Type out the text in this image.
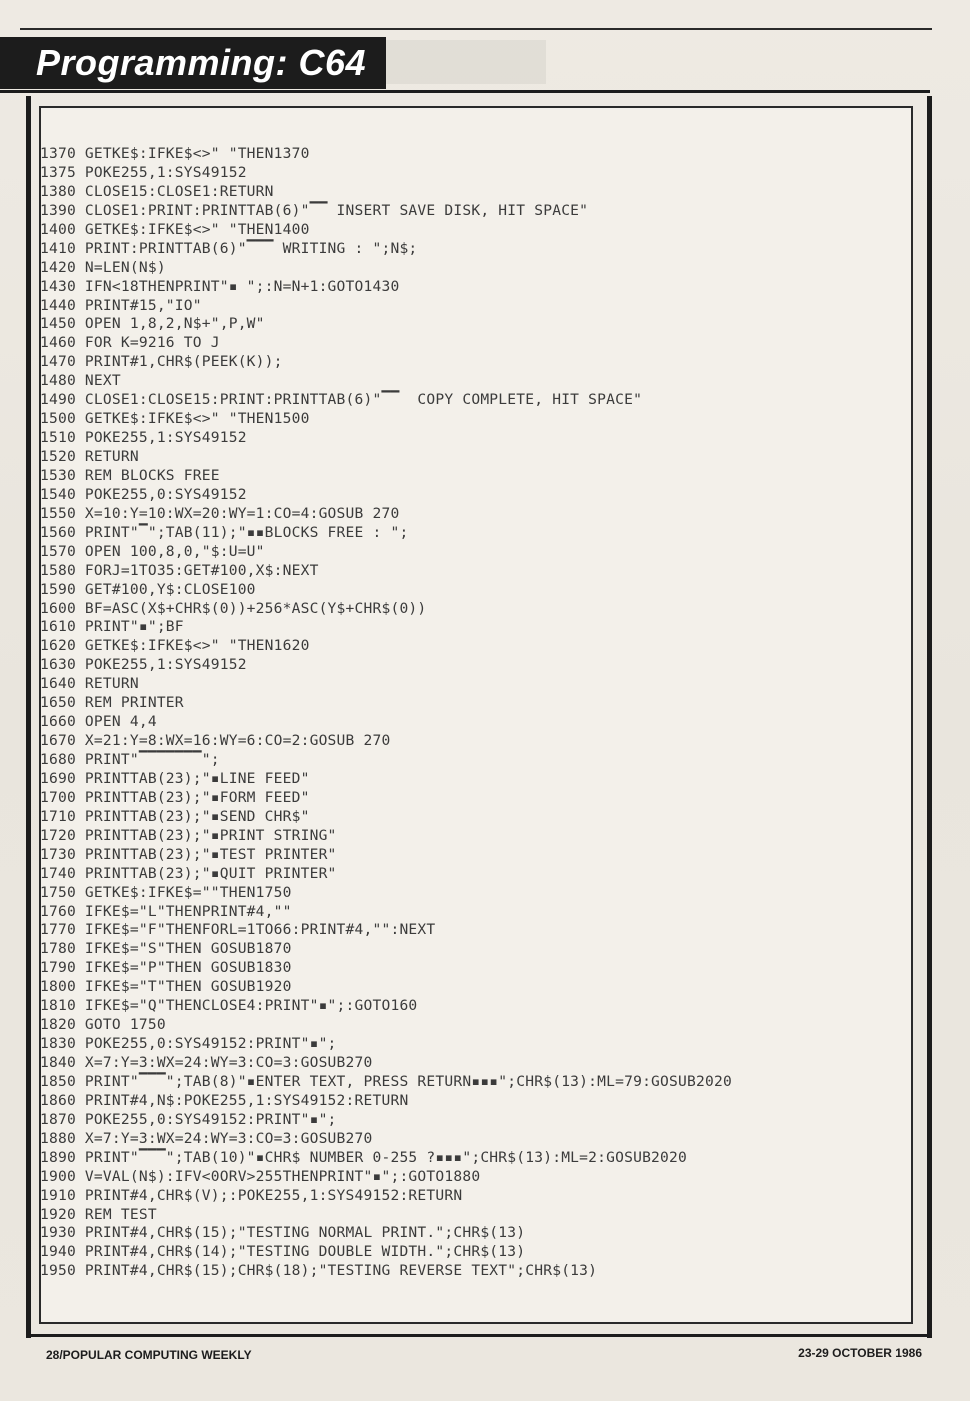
Programming: C64
1370 GETKE$:IFKE$<>" "THEN1370
1375 POKE255,1:SYS49152
1380 CLOSE15:CLOSE1:RETURN
1390 CLOSE1:PRINT:PRINTTAB(6)"▔▔ INSERT SAVE DISK, HIT SPACE"
1400 GETKE$:IFKE$<>" "THEN1400
1410 PRINT:PRINTTAB(6)"▔▔▔ WRITING : ";N$;
1420 N=LEN(N$)
1430 IFN<18THENPRINT"▪ ";:N=N+1:GOTO1430
1440 PRINT#15,"IO"
1450 OPEN 1,8,2,N$+",P,W"
1460 FOR K=9216 TO J
1470 PRINT#1,CHR$(PEEK(K));
1480 NEXT
1490 CLOSE1:CLOSE15:PRINT:PRINTTAB(6)"▔▔  COPY COMPLETE, HIT SPACE"
1500 GETKE$:IFKE$<>" "THEN1500
1510 POKE255,1:SYS49152
1520 RETURN
1530 REM BLOCKS FREE
1540 POKE255,0:SYS49152
1550 X=10:Y=10:WX=20:WY=1:CO=4:GOSUB 270
1560 PRINT"▔";TAB(11);"▪▪BLOCKS FREE : ";
1570 OPEN 100,8,0,"$:U=U"
1580 FORJ=1TO35:GET#100,X$:NEXT
1590 GET#100,Y$:CLOSE100
1600 BF=ASC(X$+CHR$(0))+256*ASC(Y$+CHR$(0))
1610 PRINT"▪";BF
1620 GETKE$:IFKE$<>" "THEN1620
1630 POKE255,1:SYS49152
1640 RETURN
1650 REM PRINTER
1660 OPEN 4,4
1670 X=21:Y=8:WX=16:WY=6:CO=2:GOSUB 270
1680 PRINT"▔▔▔▔▔▔▔";
1690 PRINTTAB(23);"▪LINE FEED"
1700 PRINTTAB(23);"▪FORM FEED"
1710 PRINTTAB(23);"▪SEND CHR$"
1720 PRINTTAB(23);"▪PRINT STRING"
1730 PRINTTAB(23);"▪TEST PRINTER"
1740 PRINTTAB(23);"▪QUIT PRINTER"
1750 GETKE$:IFKE$=""THEN1750
1760 IFKE$="L"THENPRINT#4,""
1770 IFKE$="F"THENFORL=1TO66:PRINT#4,"":NEXT
1780 IFKE$="S"THEN GOSUB1870
1790 IFKE$="P"THEN GOSUB1830
1800 IFKE$="T"THEN GOSUB1920
1810 IFKE$="Q"THENCLOSE4:PRINT"▪";:GOTO160
1820 GOTO 1750
1830 POKE255,0:SYS49152:PRINT"▪";
1840 X=7:Y=3:WX=24:WY=3:CO=3:GOSUB270
1850 PRINT"▔▔▔";TAB(8)"▪ENTER TEXT, PRESS RETURN▪▪▪";CHR$(13):ML=79:GOSUB2020
1860 PRINT#4,N$:POKE255,1:SYS49152:RETURN
1870 POKE255,0:SYS49152:PRINT"▪";
1880 X=7:Y=3:WX=24:WY=3:CO=3:GOSUB270
1890 PRINT"▔▔▔";TAB(10)"▪CHR$ NUMBER 0-255 ?▪▪▪";CHR$(13):ML=2:GOSUB2020
1900 V=VAL(N$):IFV<0ORV>255THENPRINT"▪";:GOTO1880
1910 PRINT#4,CHR$(V);:POKE255,1:SYS49152:RETURN
1920 REM TEST
1930 PRINT#4,CHR$(15);"TESTING NORMAL PRINT.";CHR$(13)
1940 PRINT#4,CHR$(14);"TESTING DOUBLE WIDTH.";CHR$(13)
1950 PRINT#4,CHR$(15);CHR$(18);"TESTING REVERSE TEXT";CHR$(13)
28/POPULAR COMPUTING WEEKLY	23-29 OCTOBER 1986
